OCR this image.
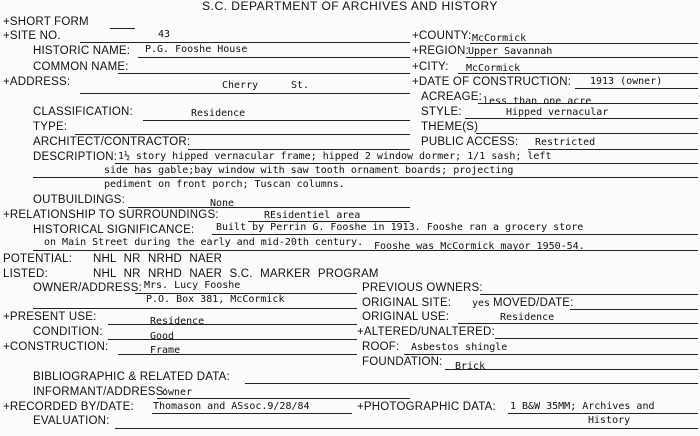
S.C. DEPARTMENT OF ARCHIVES AND HISTORY
+SHORT FORM
+SITE NO.	43
HISTORIC NAME: P.G. Fooshe House
COMMON NAME:
+ADDRESS:	Cherry	St.
CLASSIFICATION:	Residence
TYPE:
ARCHITECT/CONTRACTOR:
DESCRIPTION: 1½ story hipped vernacular frame; hipped 2 window dormer; 1/1 sash; left
side has gable;bay window with saw tooth ornament boards; projecting
pediment on front porch; Tuscan columns.
OUTBUILDINGS:	None
+RELATIONSHIP TO SURROUNDINGS:	REsidentiel area
HISTORICAL SIGNIFICANCE: Built by Perrin G. Fooshe in 1913. Fooshe ran a grocery store
on Main Street during the early and mid-20th century. Fooshe was McCormick mayor 1950-54.
POTENTIAL: NHL NR NRHD NAER
LISTED:	NHL NR NRHD NAER S.C. MARKER PROGRAM
OWNER/ADDRESS: Mrs. Lucy Fooshe
P.O. Box 381, McCormick
+PRESENT USE:	Residence
CONDITION:	Good
+CONSTRUCTION:	Frame
BIBLIOGRAPHIC & RELATED DATA:
INFORMANT/ADDRESS:
owner
+RECORDED BY/DATE: Thomason and ASsoc.9/28/84
EVALUATION:
+COUNTY: McCormick
+REGION: Upper Savannah
+CITY: McCormick
+DATE OF CONSTRUCTION: 1913 (owner)
ACREAGE: less than one acre
STYLE:	Hipped vernacular
THEME(S)
PUBLIC ACCESS: Restricted
PREVIOUS OWNERS:
ORIGINAL SITE: yes MOVED/DATE:
ORIGINAL USE:	Residence
+ALTERED/UNALTERED:
ROOF: Asbestos shingle
FOUNDATION: Brick
+PHOTOGRAPHIC DATA: 1 B&W 35MM; Archives and
History
